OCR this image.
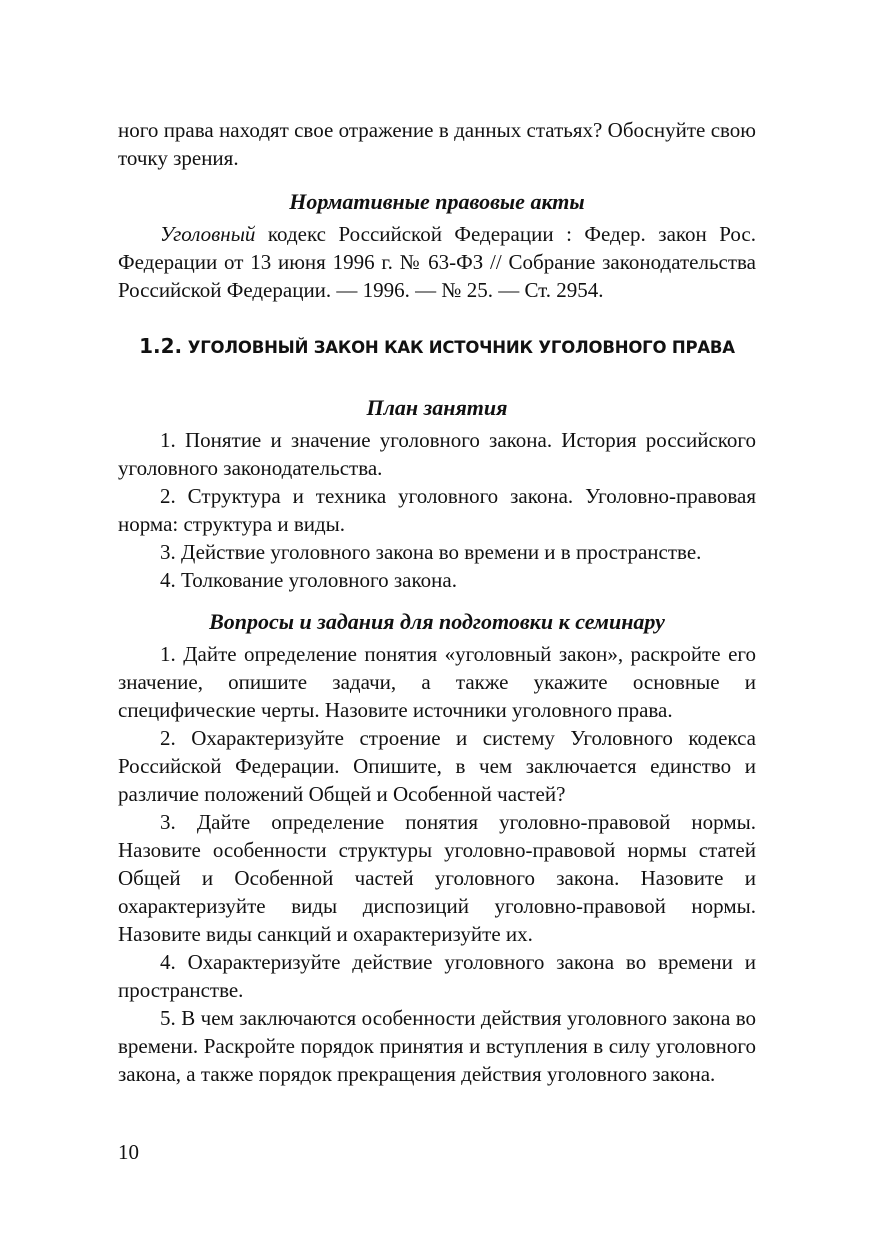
ного права находят свое отражение в данных статьях? Обоснуйте свою точку зрения.

Нормативные правовые акты

Уголовный кодекс Российской Федерации : Федер. закон Рос. Федерации от 13 июня 1996 г. № 63-ФЗ // Собрание законодательства Российской Федерации. — 1996. — № 25. — Ст. 2954.

1.2. УГОЛОВНЫЙ ЗАКОН КАК ИСТОЧНИК УГОЛОВНОГО ПРАВА
План занятия

1. Понятие и значение уголовного закона. История российского уголовного законодательства.

2. Структура и техника уголовного закона. Уголовно-правовая норма: структура и виды.

3. Действие уголовного закона во времени и в пространстве.

4. Толкование уголовного закона.

Вопросы и задания для подготовки к семинару

1. Дайте определение понятия «уголовный закон», раскройте его значение, опишите задачи, а также укажите основные и специфические черты. Назовите источники уголовного права.

2. Охарактеризуйте строение и систему Уголовного кодекса Российской Федерации. Опишите, в чем заключается единство и различие положений Общей и Особенной частей?

3. Дайте определение понятия уголовно-правовой нормы. Назовите особенности структуры уголовно-правовой нормы статей Общей и Особенной частей уголовного закона. Назовите и охарактеризуйте виды диспозиций уголовно-правовой нормы. Назовите виды санкций и охарактеризуйте их.

4. Охарактеризуйте действие уголовного закона во времени и пространстве.

5. В чем заключаются особенности действия уголовного закона во времени. Раскройте порядок принятия и вступления в силу уголовного закона, а также порядок прекращения действия уголовного закона.

10
